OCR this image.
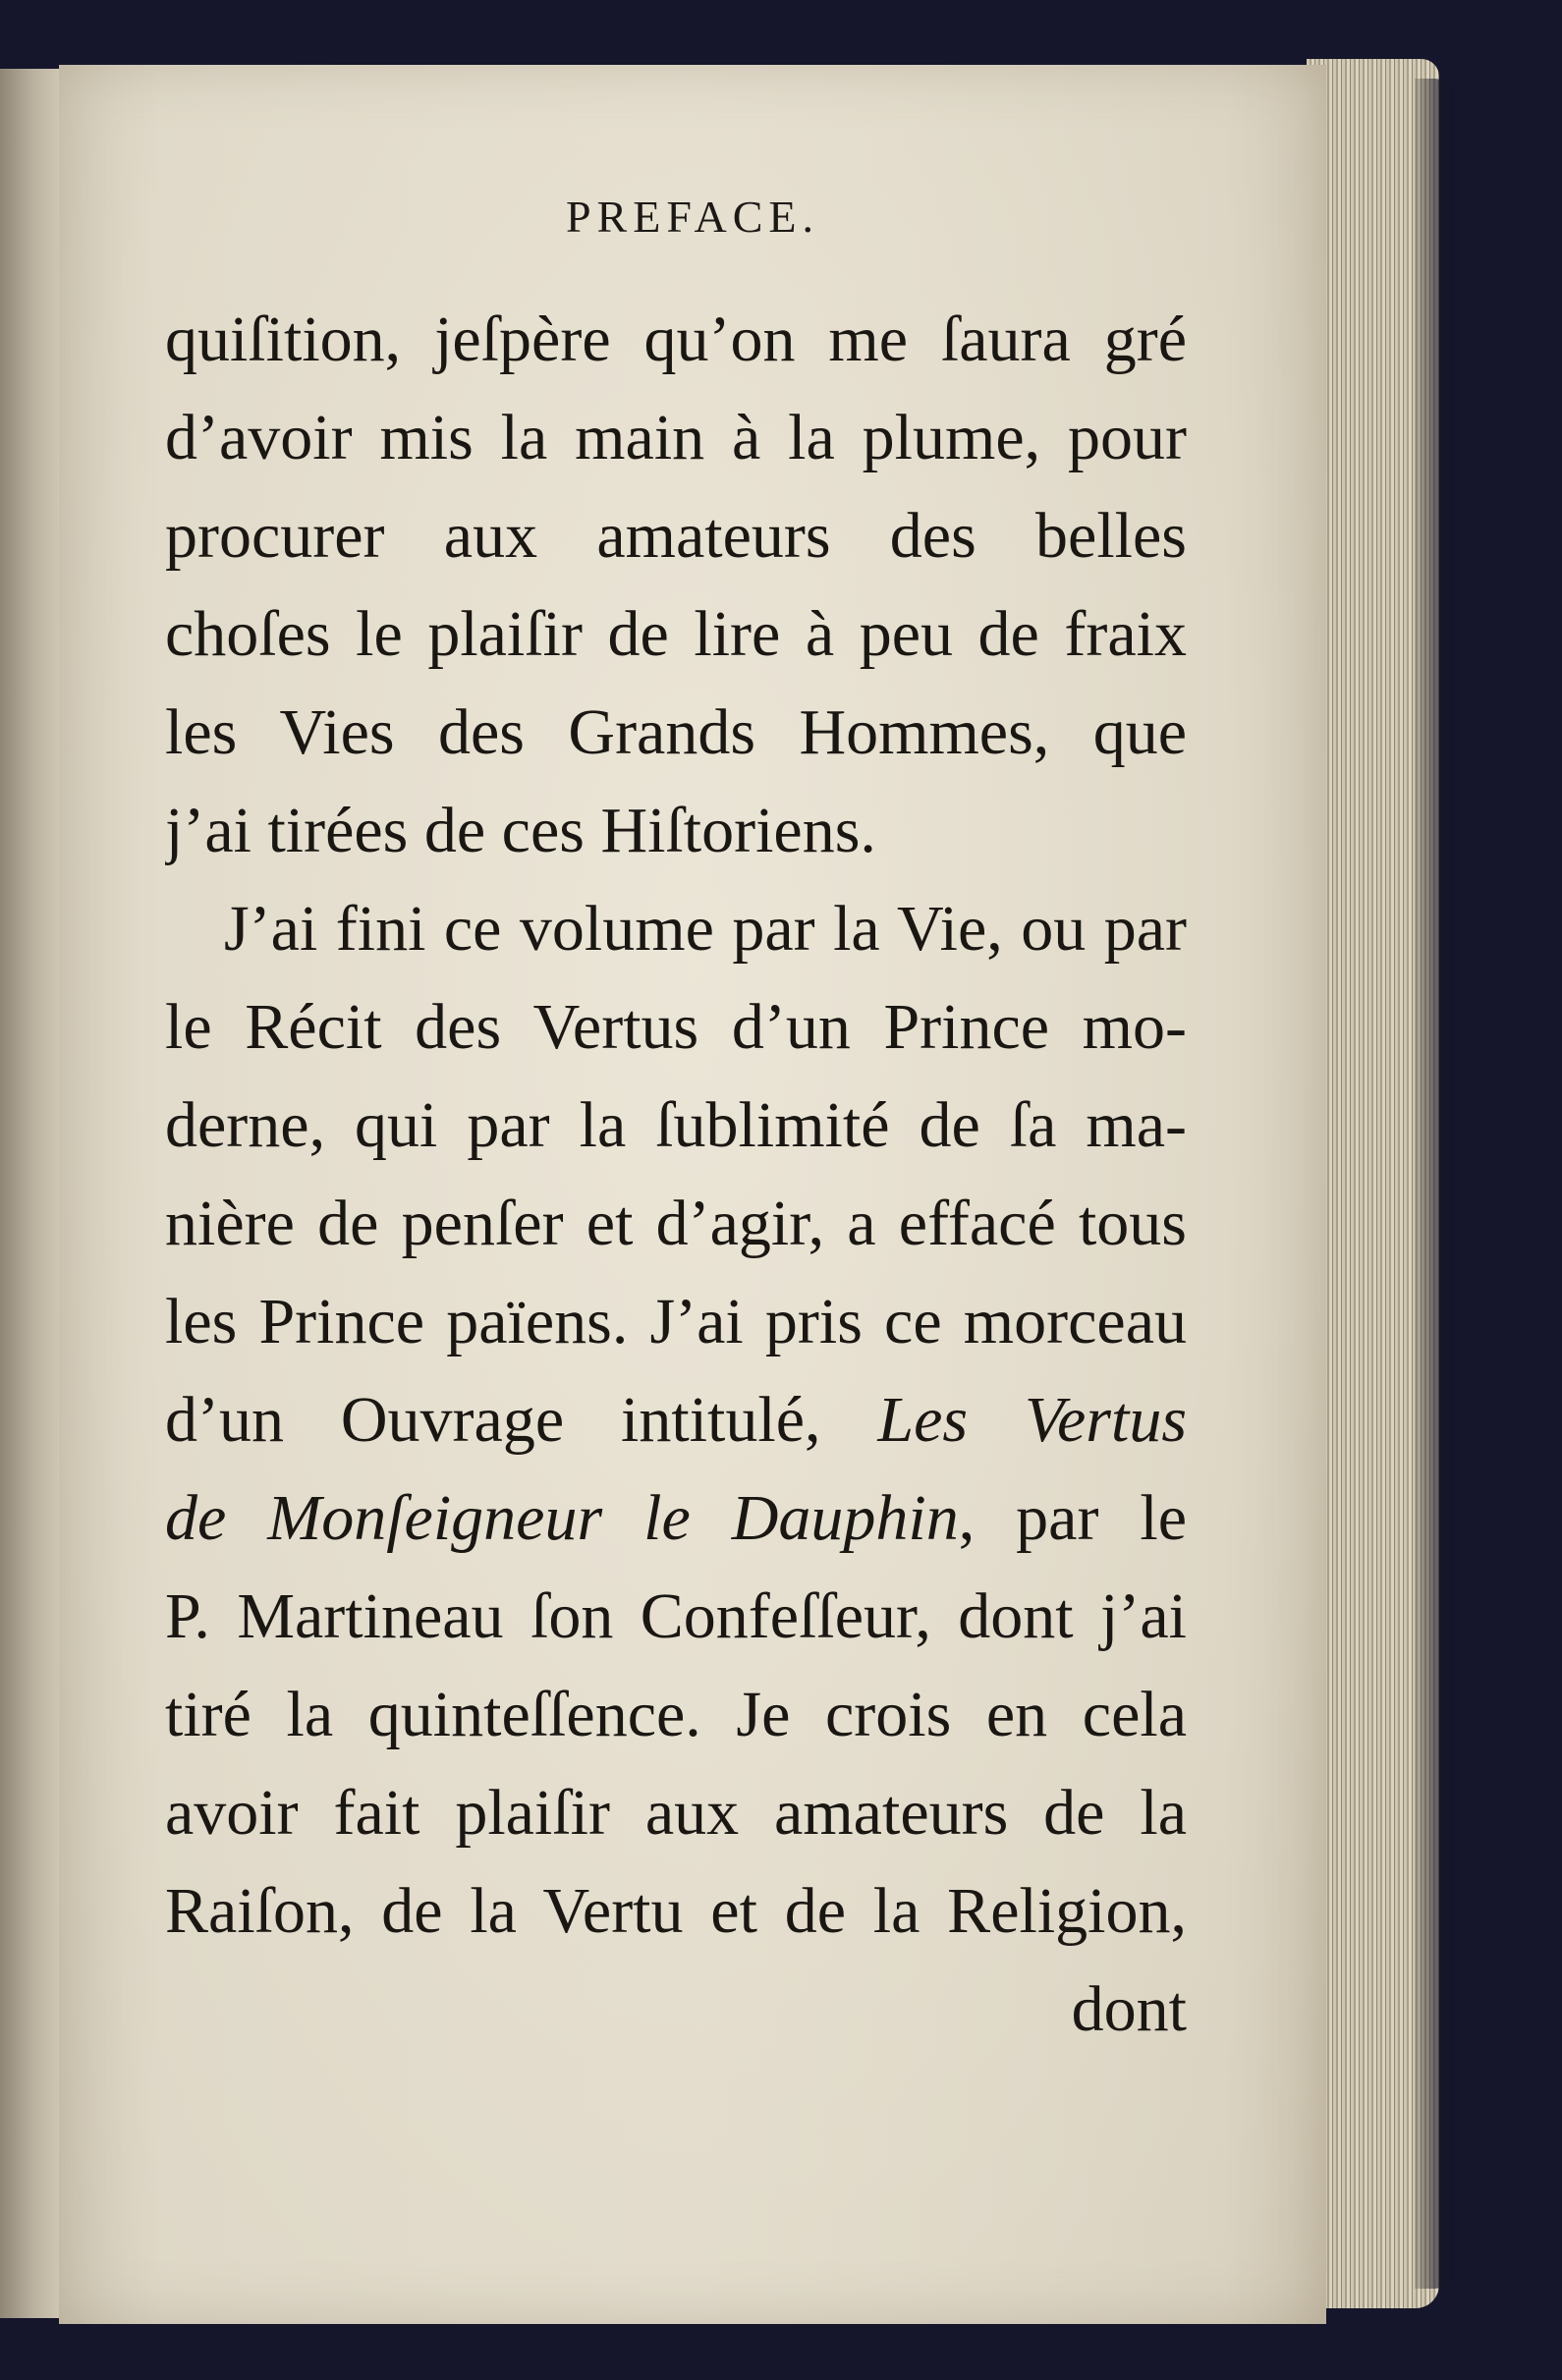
PREFACE.
quiſition, jeſpère qu’on me ſaura gré
d’avoir mis la main à la plume, pour
procurer aux amateurs des belles
choſes le plaiſir de lire à peu de fraix
les Vies des Grands Hommes, que
j’ai tirées de ces Hiſtoriens.
J’ai fini ce volume par la Vie, ou par
le Récit des Vertus d’un Prince mo-
derne, qui par la ſublimité de ſa ma-
nière de penſer et d’agir, a effacé tous
les Prince païens. J’ai pris ce morceau
d’un Ouvrage intitulé, Les Vertus
de Monſeigneur le Dauphin, par le
P. Martineau ſon Confeſſeur, dont j’ai
tiré la quinteſſence. Je crois en cela
avoir fait plaiſir aux amateurs de la
Raiſon, de la Vertu et de la Religion,
dont
